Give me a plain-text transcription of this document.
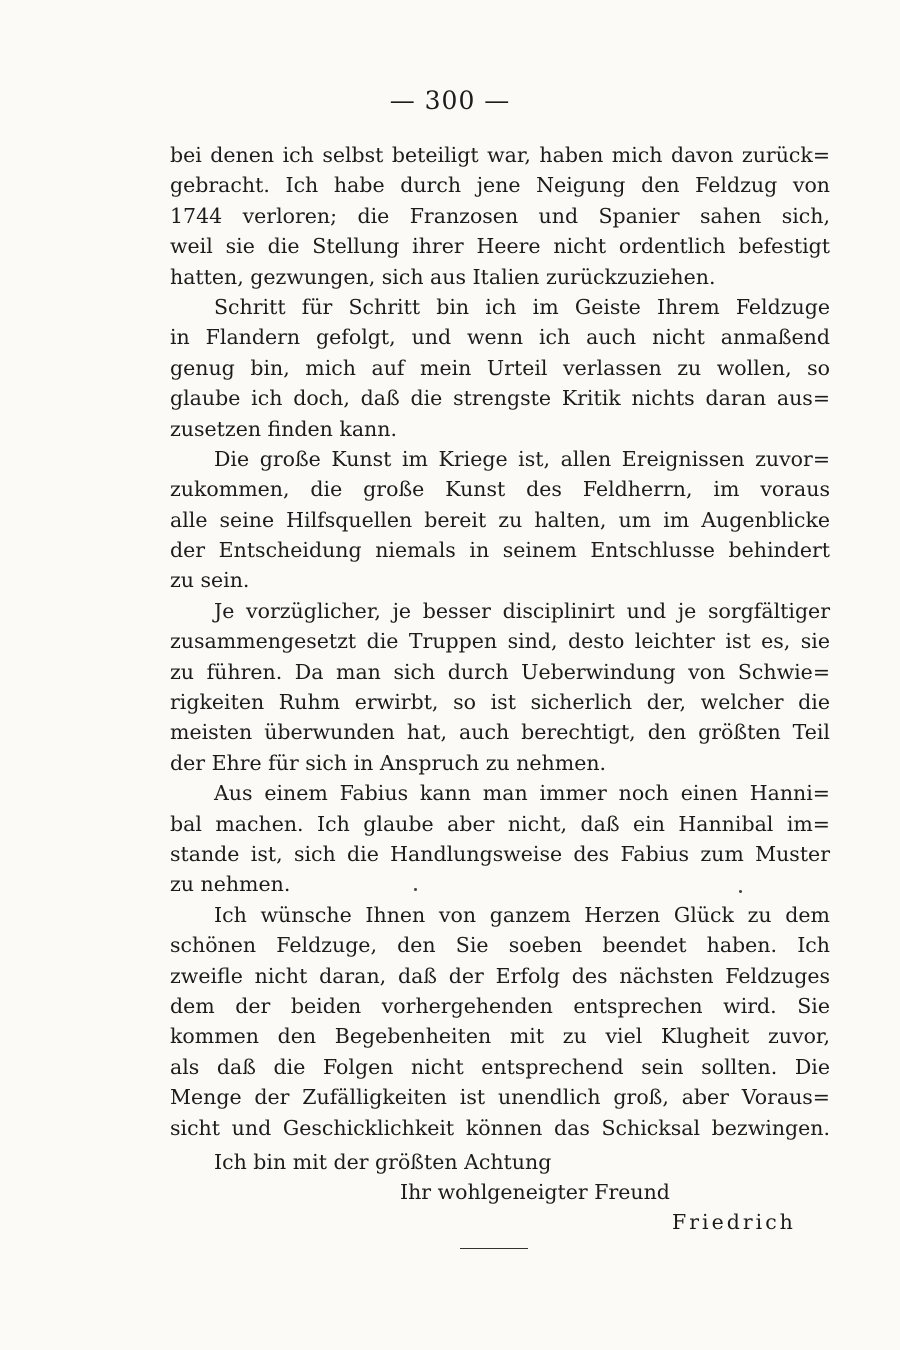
— 300 —
bei denen ich selbst beteiligt war, haben mich davon zurück=
gebracht. Ich habe durch jene Neigung den Feldzug von
1744 verloren; die Franzosen und Spanier sahen sich,
weil sie die Stellung ihrer Heere nicht ordentlich befestigt
hatten, gezwungen, sich aus Italien zurückzuziehen.
Schritt für Schritt bin ich im Geiste Ihrem Feldzuge
in Flandern gefolgt, und wenn ich auch nicht anmaßend
genug bin, mich auf mein Urteil verlassen zu wollen, so
glaube ich doch, daß die strengste Kritik nichts daran aus=
zusetzen finden kann.
Die große Kunst im Kriege ist, allen Ereignissen zuvor=
zukommen, die große Kunst des Feldherrn, im voraus
alle seine Hilfsquellen bereit zu halten, um im Augenblicke
der Entscheidung niemals in seinem Entschlusse behindert
zu sein.
Je vorzüglicher, je besser disciplinirt und je sorgfältiger
zusammengesetzt die Truppen sind, desto leichter ist es, sie
zu führen. Da man sich durch Ueberwindung von Schwie=
rigkeiten Ruhm erwirbt, so ist sicherlich der, welcher die
meisten überwunden hat, auch berechtigt, den größten Teil
der Ehre für sich in Anspruch zu nehmen.
Aus einem Fabius kann man immer noch einen Hanni=
bal machen. Ich glaube aber nicht, daß ein Hannibal im=
stande ist, sich die Handlungsweise des Fabius zum Muster
zu nehmen.
Ich wünsche Ihnen von ganzem Herzen Glück zu dem
schönen Feldzuge, den Sie soeben beendet haben. Ich
zweifle nicht daran, daß der Erfolg des nächsten Feldzuges
dem der beiden vorhergehenden entsprechen wird. Sie
kommen den Begebenheiten mit zu viel Klugheit zuvor,
als daß die Folgen nicht entsprechend sein sollten. Die
Menge der Zufälligkeiten ist unendlich groß, aber Voraus=
sicht und Geschicklichkeit können das Schicksal bezwingen.
Ich bin mit der größten Achtung
Ihr wohlgeneigter Freund
Friedrich
